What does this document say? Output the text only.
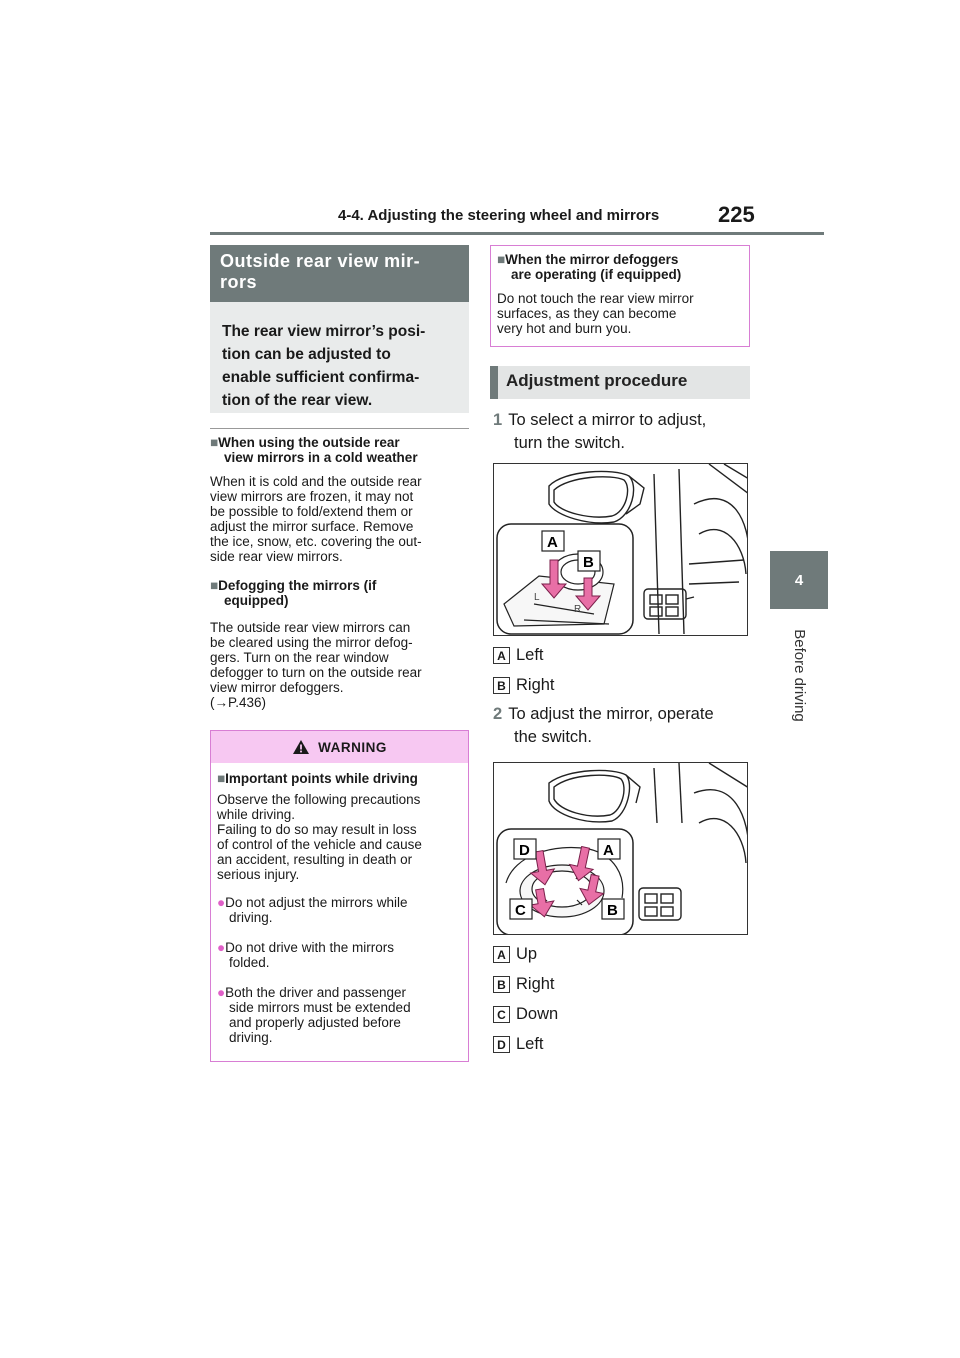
4-4. Adjusting the steering wheel and mirrors	225
4
Before driving
Outside rear view mir-
rors
The rear view mirror’s posi-
tion can be adjusted to
enable sufficient confirma-
tion of the rear view.
■When using the outside rear
view mirrors in a cold weather
When it is cold and the outside rear
view mirrors are frozen, it may not
be possible to fold/extend them or
adjust the mirror surface. Remove
the ice, snow, etc. covering the out-
side rear view mirrors.
■Defogging the mirrors (if
equipped)
The outside rear view mirrors can
be cleared using the mirror defog-
gers. Turn on the rear window
defogger to turn on the outside rear
view mirror defoggers.
(→P.436)
WARNING
■Important points while driving
Observe the following precautions
while driving.
Failing to do so may result in loss
of control of the vehicle and cause
an accident, resulting in death or
serious injury.
●Do not adjust the mirrors while
driving.
●Do not drive with the mirrors
folded.
●Both the driver and passenger
side mirrors must be extended
and properly adjusted before
driving.
■When the mirror defoggers
are operating (if equipped)
Do not touch the rear view mirror
surfaces, as they can become
very hot and burn you.
Adjustment procedure
1 To select a mirror to adjust,
turn the switch.
L
R
A
B
A Left
B Right
2 To adjust the mirror, operate
the switch.
D	A
C	B
A Up
B Right
C Down
D Left
